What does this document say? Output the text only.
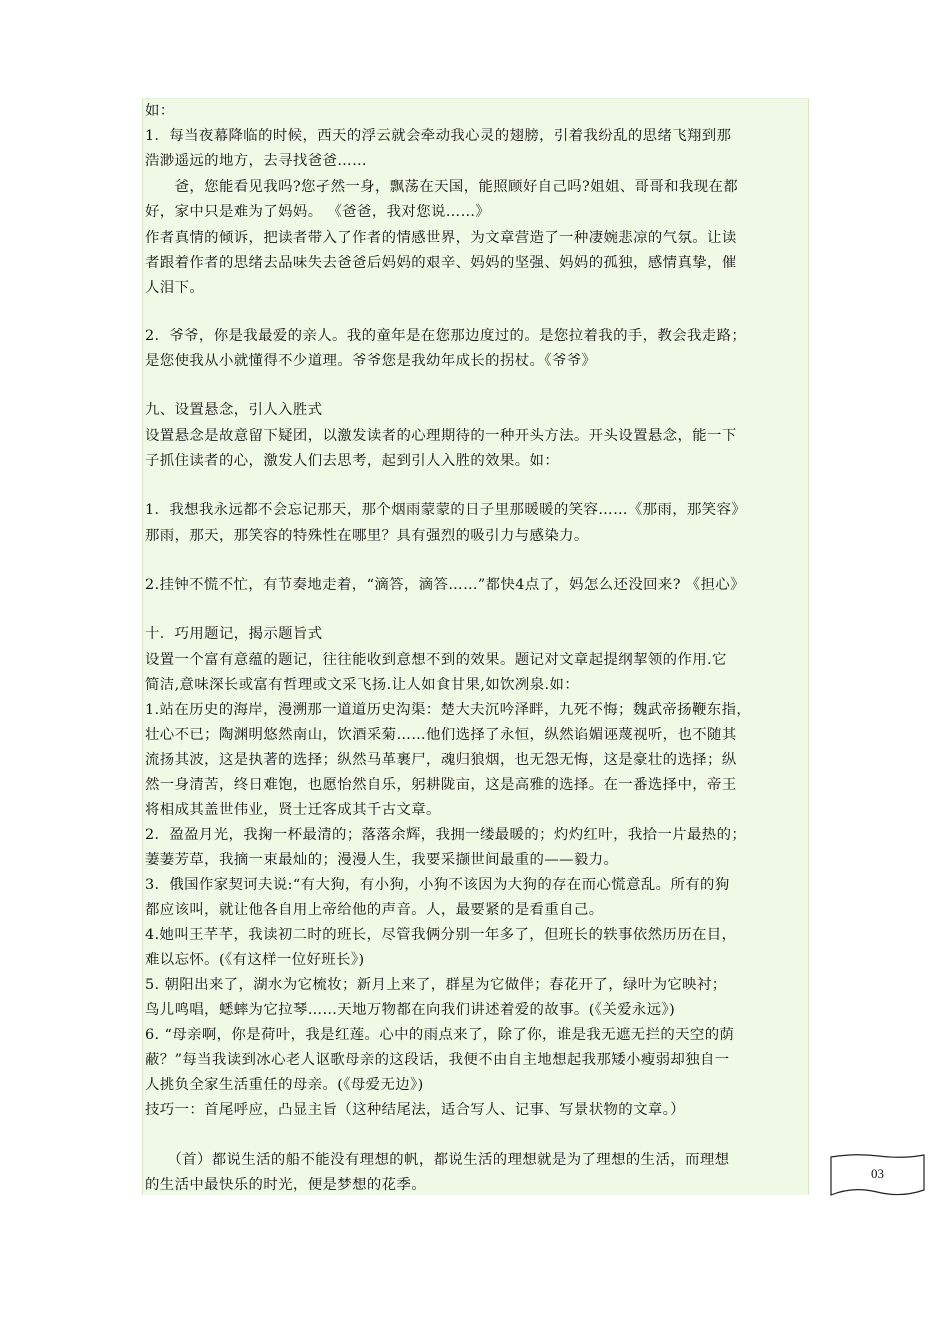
如：
1．每当夜幕降临的时候，西天的浮云就会牵动我心灵的翅膀，引着我纷乱的思绪飞翔到那
浩渺遥远的地方，去寻找爸爸……
　　爸，您能看见我吗?您孑然一身，飘荡在天国，能照顾好自己吗?姐姐、哥哥和我现在都
好，家中只是难为了妈妈。 《爸爸，我对您说……》
作者真情的倾诉，把读者带入了作者的情感世界，为文章营造了一种凄婉悲凉的气氛。让读
者跟着作者的思绪去品味失去爸爸后妈妈的艰辛、妈妈的坚强、妈妈的孤独，感情真挚，催
人泪下。
2．爷爷，你是我最爱的亲人。我的童年是在您那边度过的。是您拉着我的手，教会我走路；
是您使我从小就懂得不少道理。爷爷您是我幼年成长的拐杖。《爷爷》
九、设置悬念，引人入胜式
设置悬念是故意留下疑团，以激发读者的心理期待的一种开头方法。开头设置悬念，能一下
子抓住读者的心，激发人们去思考，起到引人入胜的效果。如：
1．我想我永远都不会忘记那天，那个烟雨蒙蒙的日子里那暖暖的笑容……《那雨，那笑容》
那雨，那天，那笑容的特殊性在哪里？具有强烈的吸引力与感染力。
2.挂钟不慌不忙，有节奏地走着，“滴答，滴答……”都快4点了，妈怎么还没回来? 《担心》
十．巧用题记，揭示题旨式
设置一个富有意蕴的题记，往往能收到意想不到的效果。题记对文章起提纲挈领的作用.它
简洁,意味深长或富有哲理或文采飞扬.让人如食甘果,如饮冽泉.如：
1.站在历史的海岸，漫溯那一道道历史沟渠：楚大夫沉吟泽畔，九死不悔；魏武帝扬鞭东指，
壮心不已；陶渊明悠然南山，饮酒采菊……他们选择了永恒，纵然谄媚诬蔑视听，也不随其
流扬其波，这是执著的选择；纵然马革裹尸，魂归狼烟，也无怨无悔，这是豪壮的选择；纵
然一身清苦，终日难饱，也愿怡然自乐，躬耕陇亩，这是高雅的选择。在一番选择中，帝王
将相成其盖世伟业，贤士迁客成其千古文章。
2．盈盈月光，我掬一杯最清的；落落余辉，我拥一缕最暖的；灼灼红叶，我拾一片最热的；
萋萋芳草，我摘一束最灿的；漫漫人生，我要采撷世间最重的——毅力。
3．俄国作家契诃夫说:“有大狗，有小狗，小狗不该因为大狗的存在而心慌意乱。所有的狗
都应该叫，就让他各自用上帝给他的声音。人，最要紧的是看重自己。
4.她叫王芊芊，我读初二时的班长，尽管我俩分别一年多了，但班长的轶事依然历历在目，
难以忘怀。(《有这样一位好班长》)
5. 朝阳出来了，湖水为它梳妆；新月上来了，群星为它做伴；春花开了，绿叶为它映衬；
鸟儿鸣唱，蟋蟀为它拉琴……天地万物都在向我们讲述着爱的故事。(《关爱永远》)
6. “母亲啊，你是荷叶，我是红莲。心中的雨点来了，除了你，谁是我无遮无拦的天空的荫
蔽？”每当我读到冰心老人讴歌母亲的这段话，我便不由自主地想起我那矮小瘦弱却独自一
人挑负全家生活重任的母亲。(《母爱无边》)
技巧一：首尾呼应，凸显主旨（这种结尾法，适合写人、记事、写景状物的文章。）
　　（首）都说生活的船不能没有理想的帆，都说生活的理想就是为了理想的生活，而理想
的生活中最快乐的时光，便是梦想的花季。
03
